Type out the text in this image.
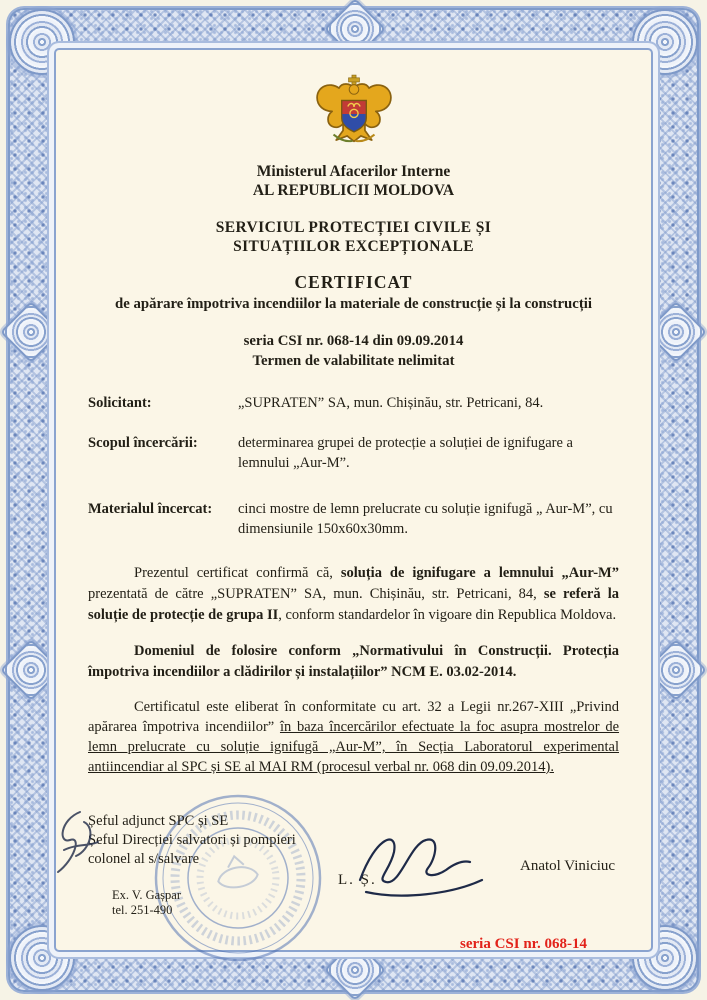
Ministerul Afacerilor Interne
AL REPUBLICII MOLDOVA
SERVICIUL PROTECȚIEI CIVILE ȘI
SITUAȚIILOR EXCEPȚIONALE
CERTIFICAT
de apărare împotriva incendiilor la materiale de construcție și la construcții
seria CSI nr. 068-14 din 09.09.2014
Termen de valabilitate nelimitat
Solicitant:	„SUPRATEN” SA, mun. Chișinău, str. Petricani, 84.
Scopul încercării:	determinarea grupei de protecție a soluției de ignifugare a lemnului „Aur-M”.
Materialul încercat:	cinci mostre de lemn prelucrate cu soluție ignifugă „ Aur-M”, cu dimensiunile 150x60x30mm.

Prezentul certificat confirmă că, soluția de ignifugare a lemnului „Aur-M” prezentată de către „SUPRATEN” SA, mun. Chișinău, str. Petricani, 84, se referă la soluție de protecție de grupa II, conform standardelor în vigoare din Republica Moldova.

Domeniul de folosire conform „Normativului în Construcții. Protecția împotriva incendiilor a clădirilor și instalațiilor” NCM E. 03.02-2014.

Certificatul este eliberat în conformitate cu art. 32 a Legii nr.267-XIII „Privind apărarea împotriva incendiilor” în baza încercărilor efectuate la foc asupra mostrelor de lemn prelucrate cu soluție ignifugă „Aur-M”, în Secția Laboratorul experimental antiincendiar al SPC și SE al MAI RM (procesul verbal nr. 068 din 09.09.2014).

Șeful adjunct SPC și SE
Șeful Direcției salvatori și pompieri
colonel al s/salvare
Ex. V. Gașpar
tel. 251-490
L. Ș.
Anatol Viniciuc
seria CSI nr. 068-14
